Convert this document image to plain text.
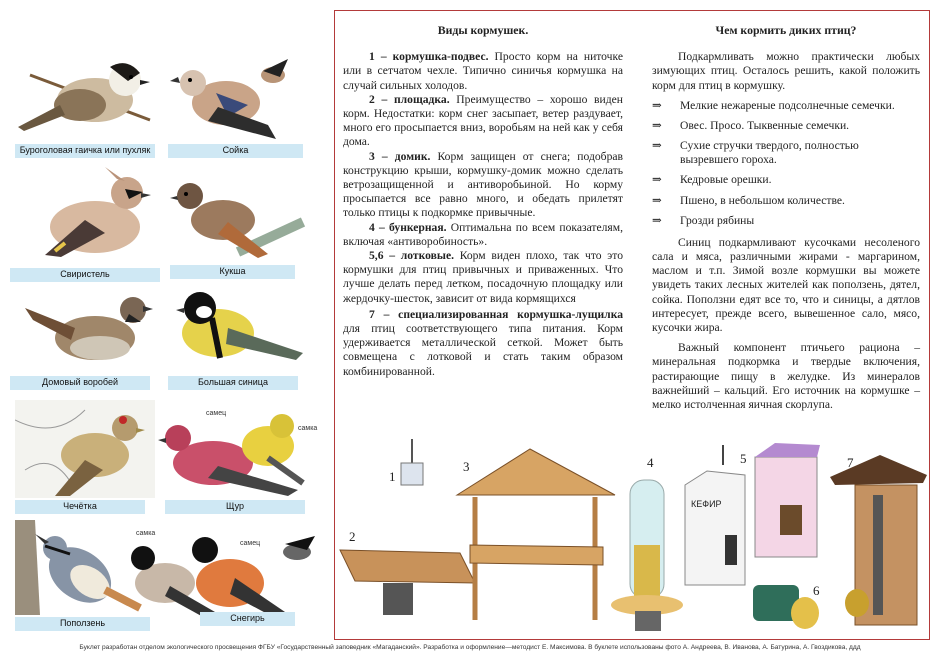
Буроголовая гаичка или пухляк	Сойка
Свиристель	Кукша
Домовый воробей	Большая синица
Чечётка
самец
самка
Щур
Поползень
самка
самец
Снегирь
Виды кормушек.

1 – кормушка-подвес. Просто корм на ниточке или в сетчатом чехле. Типично синичья кормушка на случай сильных холодов.

2 – площадка. Преимущество – хорошо виден корм. Недостатки: корм снег засыпает, ветер раздувает, много его просыпается вниз, воробьям на ней как у себя дома.

3 – домик. Корм защищен от снега; подобрав конструкцию крыши, кормушку-домик можно сделать ветрозащищенной и антиворобьиной. Но корму просыпается все равно много, и обедать прилетят только птицы к подкормке привычные.

4 – бункерная. Оптимальна по всем показателям, включая «антиворобиность».

5,6 – лотковые. Корм виден плохо, так что это кормушки для птиц привычных и приваженных. Что лучше делать перед летком, посадочную площадку или жердочку-шесток, зависит от вида кормящихся

7 – специализированная кормушка-лущилка для птиц соответствующего типа питания. Корм удерживается металлической сеткой. Может быть совмещена с лотковой и стать таким образом комбинированной.

Чем кормить диких птиц?

Подкармливать можно практически любых зимующих птиц. Осталось решить, какой положить корм для птиц в кормушку.

⇒ Мелкие нежареные подсолнечные семечки.
⇒ Овес. Просо. Тыквенные семечки.
⇒ Сухие стручки твердого, полностью вызревшего гороха.
⇒ Кедровые орешки.
⇒ Пшено, в небольшом количестве.
⇒ Грозди рябины

Синиц подкармливают кусочками несоленого сала и мяса, различными жирами - маргарином, маслом и т.п. Зимой возле кормушки вы можете увидеть таких лесных жителей как поползень, дятел, сойка. Поползни едят все то, что и синицы, а дятлов интересует, прежде всего, вывешенное сало, мясо, кусочки жира.

Важный компонент птичьего рациона – минеральная подкормка и твердые включения, растирающие пищу в желудке. Из минералов важнейший – кальций. Его источник на кормушке – мелко истолченная яичная скорлупа.

КЕФИР
1
2
3	4	5
6
7
Буклет разработан отделом экологического просвещения ФГБУ «Государственный заповедник «Магаданский». Разработка и оформление—методист Е. Максимова. В буклете использованы фото А. Андреева, В. Иванова, А. Батурина, А. Гвоздикова, ддд
